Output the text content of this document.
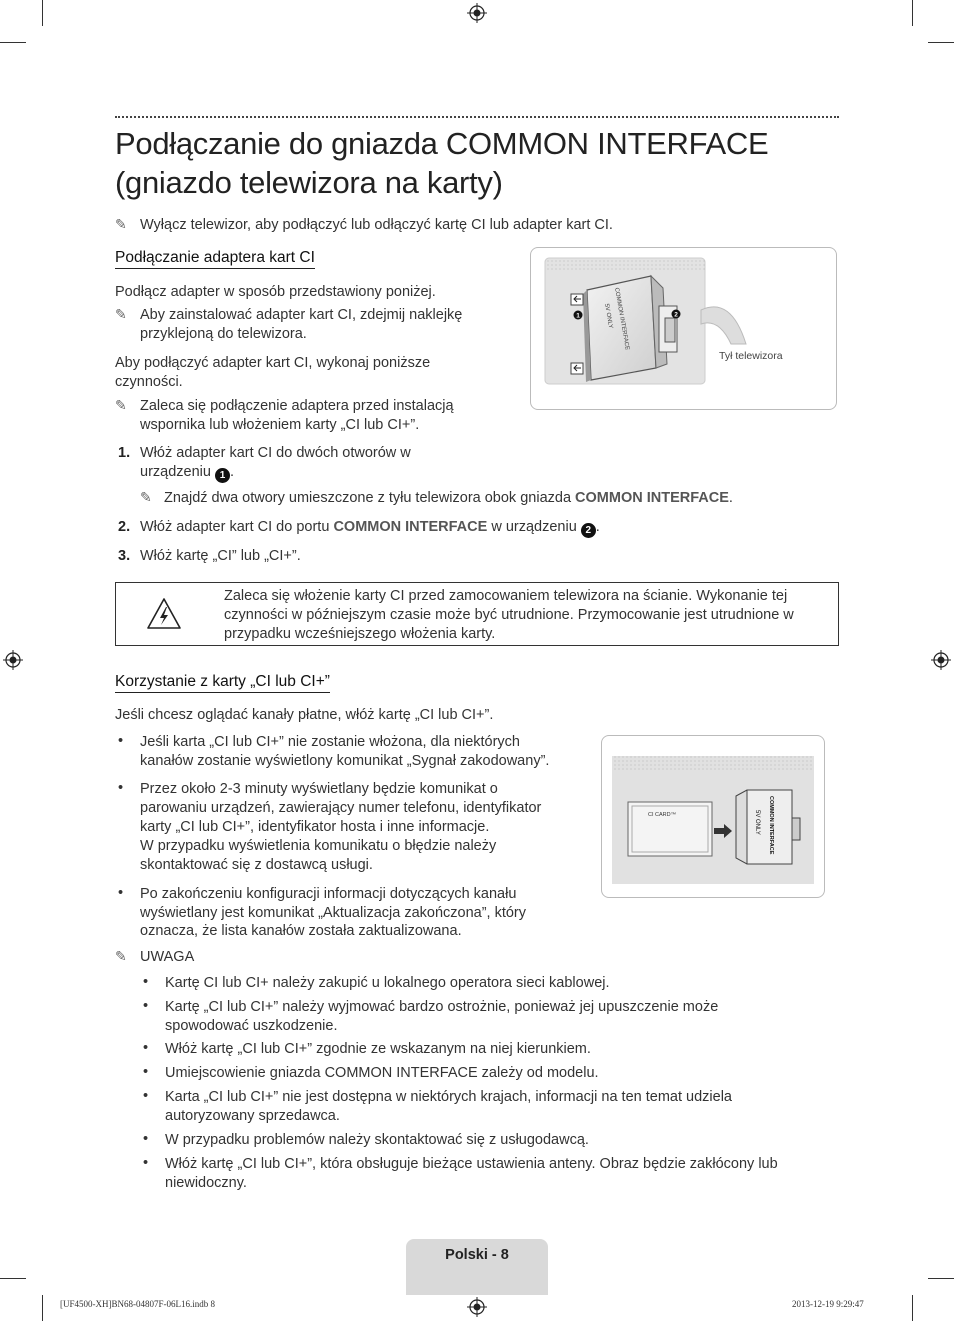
Podłączanie do gniazda COMMON INTERFACE (gniazdo telewizora na karty)
✎ Wyłącz telewizor, aby podłączyć lub odłączyć kartę CI lub adapter kart CI.
Podłączanie adaptera kart CI
Podłącz adapter w sposób przedstawiony poniżej.
✎ Aby zainstalować adapter kart CI, zdejmij naklejkę
przyklejoną do telewizora.
Aby podłączyć adapter kart CI, wykonaj poniższe
czynności.
✎ Zaleca się podłączenie adaptera przed instalacją
wspornika lub włożeniem karty „CI lub CI+”.
1. Włóż adapter kart CI do dwóch otworów w
urządzeniu 1 .
✎ Znajdź dwa otwory umieszczone z tyłu telewizora obok gniazda COMMON INTERFACE.
2. Włóż adapter kart CI do portu COMMON INTERFACE w urządzeniu 2 .
3. Włóż kartę „CI” lub „CI+”.
COMMON INTERFACE
5V ONLY
1	2
Tył telewizora
Zaleca się włożenie karty CI przed zamocowaniem telewizora na ścianie. Wykonanie tej
czynności w późniejszym czasie może być utrudnione. Przymocowanie jest utrudnione w
przypadku wcześniejszego włożenia karty.
Korzystanie z karty „CI lub CI+”
Jeśli chcesz oglądać kanały płatne, włóż kartę „CI lub CI+”.
• Jeśli karta „CI lub CI+” nie zostanie włożona, dla niektórych
kanałów zostanie wyświetlony komunikat „Sygnał zakodowany”.
• Przez około 2-3 minuty wyświetlany będzie komunikat o
parowaniu urządzeń, zawierający numer telefonu, identyfikator
karty „CI lub CI+”, identyfikator hosta i inne informacje.
W przypadku wyświetlenia komunikatu o błędzie należy
skontaktować się z dostawcą usługi.
• Po zakończeniu konfiguracji informacji dotyczących kanału
wyświetlany jest komunikat „Aktualizacja zakończona”, który
oznacza, że lista kanałów została zaktualizowana.
CI CARD™	COMMON INTERFACE
5V ONLY
✎ UWAGA
• Kartę CI lub CI+ należy zakupić u lokalnego operatora sieci kablowej.
• Kartę „CI lub CI+” należy wyjmować bardzo ostrożnie, ponieważ jej upuszczenie może
spowodować uszkodzenie.
• Włóż kartę „CI lub CI+” zgodnie ze wskazanym na niej kierunkiem.
• Umiejscowienie gniazda COMMON INTERFACE zależy od modelu.
• Karta „CI lub CI+” nie jest dostępna w niektórych krajach, informacji na ten temat udziela
autoryzowany sprzedawca.
• W przypadku problemów należy skontaktować się z usługodawcą.
• Włóż kartę „CI lub CI+”, która obsługuje bieżące ustawienia anteny. Obraz będzie zakłócony lub
niewidoczny.
Polski - 8
[UF4500-XH]BN68-04807F-06L16.indb 8	2013-12-19 9:29:47
